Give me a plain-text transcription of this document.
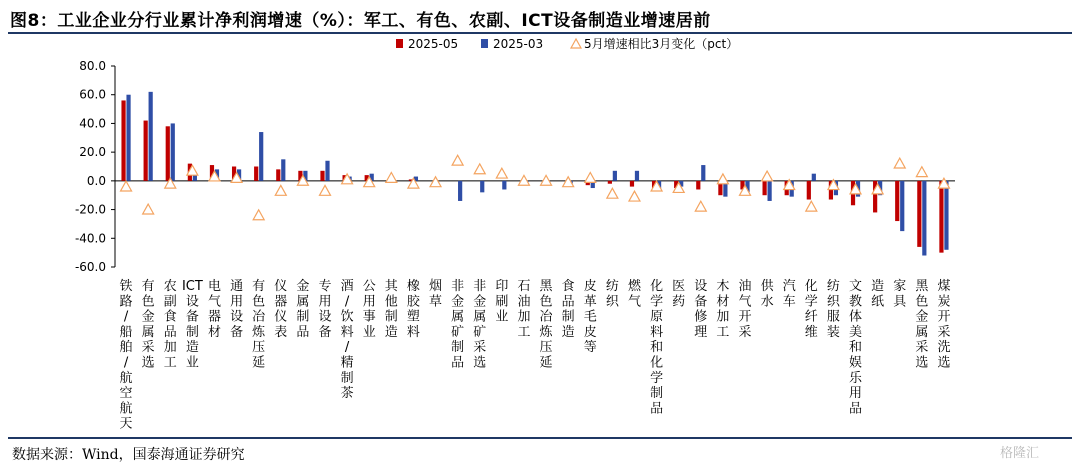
图8：工业企业分行业累计净利润增速（%）：军工、有色、农副、ICT设备制造业增速居前
2025-05	2025-03	5月增速相比3月变化（pct）
80.0
60.0
40.0
20.0
0.0
-20.0
-40.0
-60.0
铁路/船舶/航空航天
有色金属采选
农副食品加工
ICT 设备制造业
电气器材
通用设备
有色冶炼压延
仪器仪表
金属制品
专用设备
酒/饮料/精制茶
公用事业
其他制造
橡胶塑料
烟草
非金属矿制品
非金属矿采选
印刷业
石油加工
黑色冶炼压延
食品制造
皮革毛皮等
纺织
燃气
化学原料和化学制品
医药
设备修理
木材加工
油气开采
供水
汽车
化学纤维
纺织服装
文教体美和娱乐用品
造纸
家具
黑色金属采选
煤炭开采洗选
数据来源：Wind，国泰海通证券研究	格隆汇
